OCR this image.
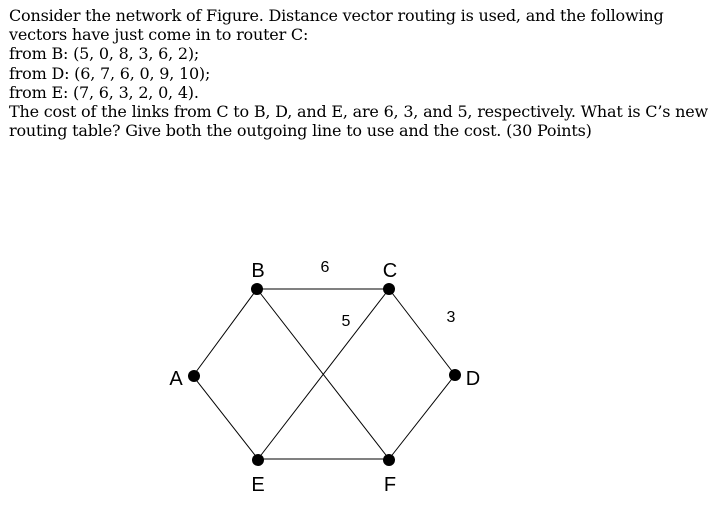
Consider the network of Figure. Distance vector routing is used, and the following vectors have just come in to router C:

from B: (5, 0, 8, 3, 6, 2);

from D: (6, 7, 6, 0, 9, 10);

from E: (7, 6, 3, 2, 0, 4).

The cost of the links from C to B, D, and E, are 6, 3, and 5, respectively. What is C’s new routing table? Give both the outgoing line to use and the cost. (30 Points)

A
B	C
D
E	F
6
5	3
